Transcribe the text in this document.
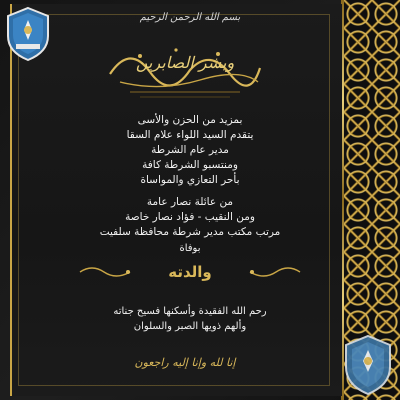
بسم الله الرحمن الرحيم
وبشر الصابرين
بمزيد من الحزن والأسى
يتقدم السيد اللواء علام السقا
مدير عام الشرطة
ومنتسبو الشرطة كافة
بأحر التعازي والمواساة
من عائلة نصار عامة
ومن النقيب - فؤاد نصار خاصة
مرتب مكتب مدير شرطة محافظة سلفيت
بوفاة
والدته
رحم الله الفقيدة وأسكنها فسيح جناته
وألهم ذويها الصبر والسلوان
إنا لله وإنا إليه راجعون
